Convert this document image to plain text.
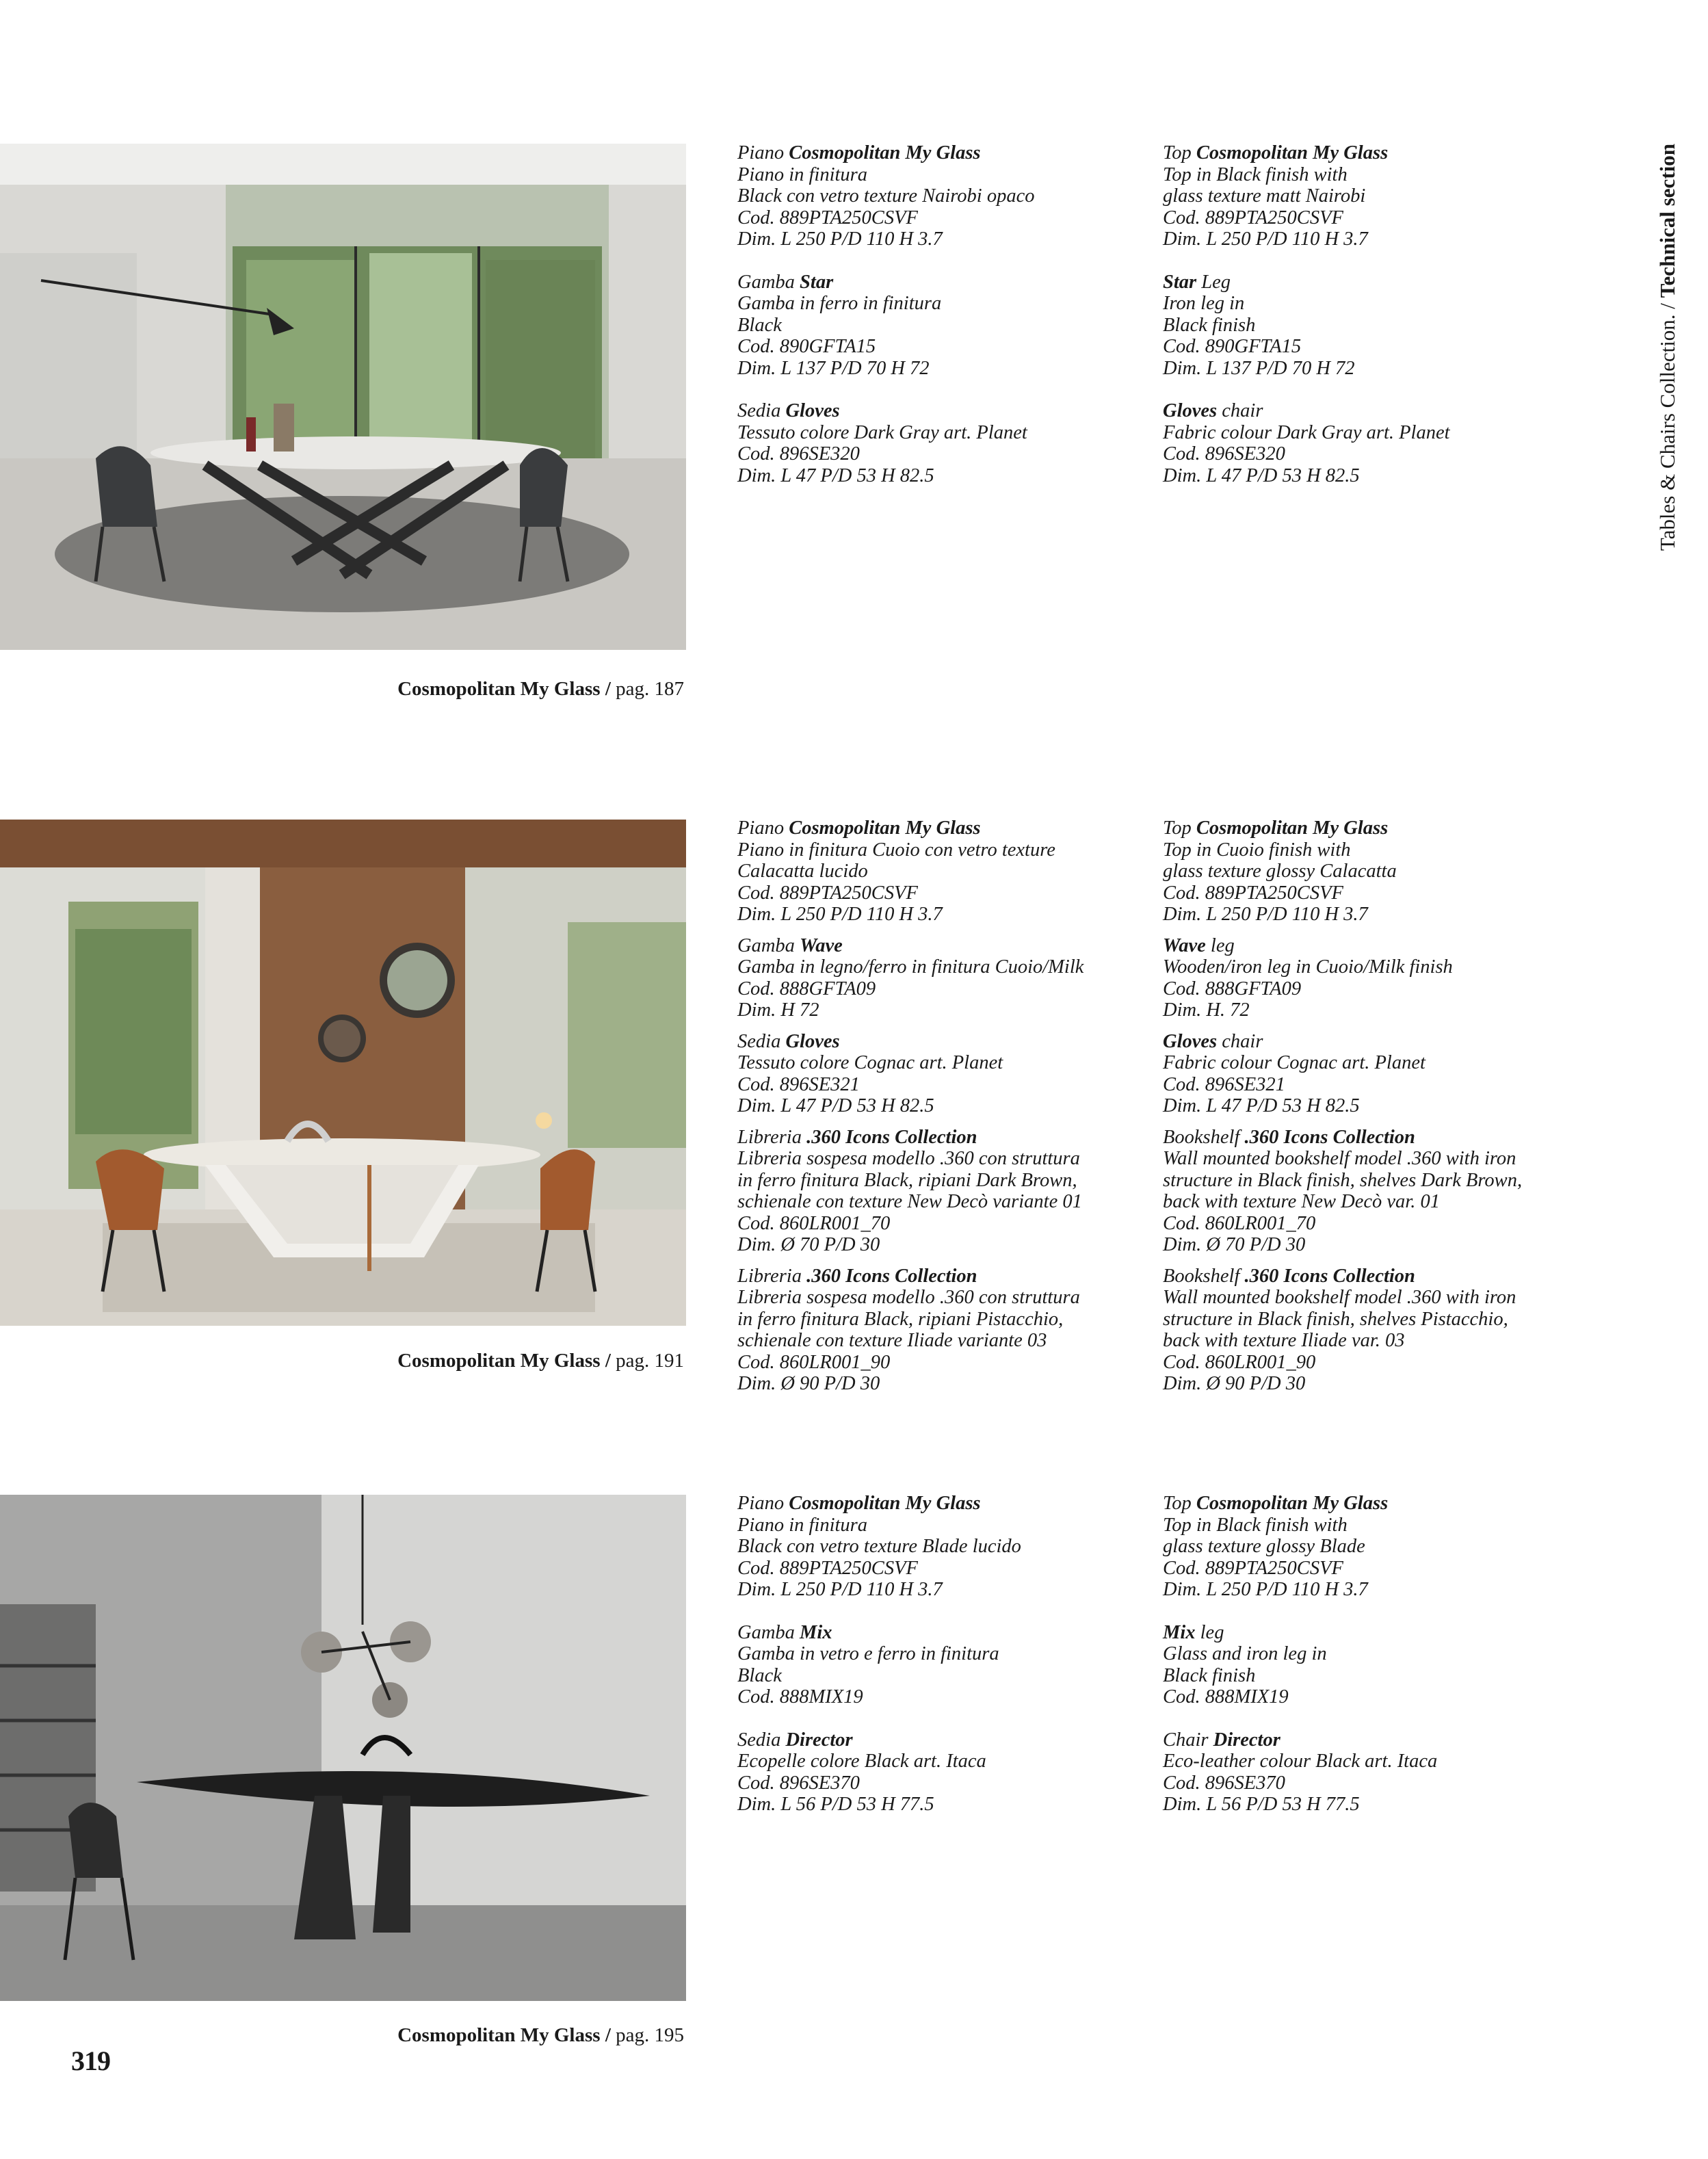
Cosmopolitan My Glass / pag. 187

Piano Cosmopolitan My Glass

Piano in finitura

Black con vetro texture Nairobi opaco

Cod. 889PTA250CSVF

Dim. L 250 P/D 110 H 3.7

Gamba Star

Gamba in ferro in finitura

Black

Cod. 890GFTA15

Dim. L 137 P/D 70 H 72

Sedia Gloves

Tessuto colore Dark Gray art. Planet

Cod. 896SE320

Dim. L 47 P/D 53 H 82.5

Top Cosmopolitan My Glass

Top in Black finish with

glass texture matt Nairobi

Cod. 889PTA250CSVF

Dim. L 250 P/D 110 H 3.7

Star Leg

Iron leg in

Black finish

Cod. 890GFTA15

Dim. L 137 P/D 70 H 72

Gloves chair

Fabric colour Dark Gray art. Planet

Cod. 896SE320

Dim. L 47 P/D 53 H 82.5

Cosmopolitan My Glass / pag. 191

Piano Cosmopolitan My Glass

Piano in finitura Cuoio con vetro texture

Calacatta lucido

Cod. 889PTA250CSVF

Dim. L 250 P/D 110 H 3.7

Gamba Wave

Gamba in legno/ferro in finitura Cuoio/Milk

Cod. 888GFTA09

Dim. H 72

Sedia Gloves

Tessuto colore Cognac art. Planet

Cod. 896SE321

Dim. L 47 P/D 53 H 82.5

Libreria .360 Icons Collection

Libreria sospesa modello .360 con struttura

in ferro finitura Black, ripiani Dark Brown,

schienale con texture New Decò variante 01

Cod. 860LR001_70

Dim. Ø 70 P/D 30

Libreria .360 Icons Collection

Libreria sospesa modello .360 con struttura

in ferro finitura Black, ripiani Pistacchio,

schienale con texture Iliade variante 03

Cod. 860LR001_90

Dim. Ø 90 P/D 30

Top Cosmopolitan My Glass

Top in Cuoio finish with

glass texture glossy Calacatta

Cod. 889PTA250CSVF

Dim. L 250 P/D 110 H 3.7

Wave leg

Wooden/iron leg in Cuoio/Milk finish

Cod. 888GFTA09

Dim. H. 72

Gloves chair

Fabric colour Cognac art. Planet

Cod. 896SE321

Dim. L 47 P/D 53 H 82.5

Bookshelf .360 Icons Collection

Wall mounted bookshelf model .360 with iron

structure in Black finish, shelves Dark Brown,

back with texture New Decò var. 01

Cod. 860LR001_70

Dim. Ø 70 P/D 30

Bookshelf .360 Icons Collection

Wall mounted bookshelf model .360 with iron

structure in Black finish, shelves Pistacchio,

back with texture Iliade var. 03

Cod. 860LR001_90

Dim. Ø 90 P/D 30

Cosmopolitan My Glass / pag. 195

Piano Cosmopolitan My Glass

Piano in finitura

Black con vetro texture Blade lucido

Cod. 889PTA250CSVF

Dim. L 250 P/D 110 H 3.7

Gamba Mix

Gamba in vetro e ferro in finitura

Black

Cod. 888MIX19

Sedia Director

Ecopelle colore Black art. Itaca

Cod. 896SE370

Dim. L 56 P/D 53 H 77.5

Top Cosmopolitan My Glass

Top in Black finish with

glass texture glossy Blade

Cod. 889PTA250CSVF

Dim. L 250 P/D 110 H 3.7

Mix leg

Glass and iron leg in

Black finish

Cod. 888MIX19

Chair Director

Eco-leather colour Black art. Itaca

Cod. 896SE370

Dim. L 56 P/D 53 H 77.5

Tables & Chairs Collection. / Technical section
319
